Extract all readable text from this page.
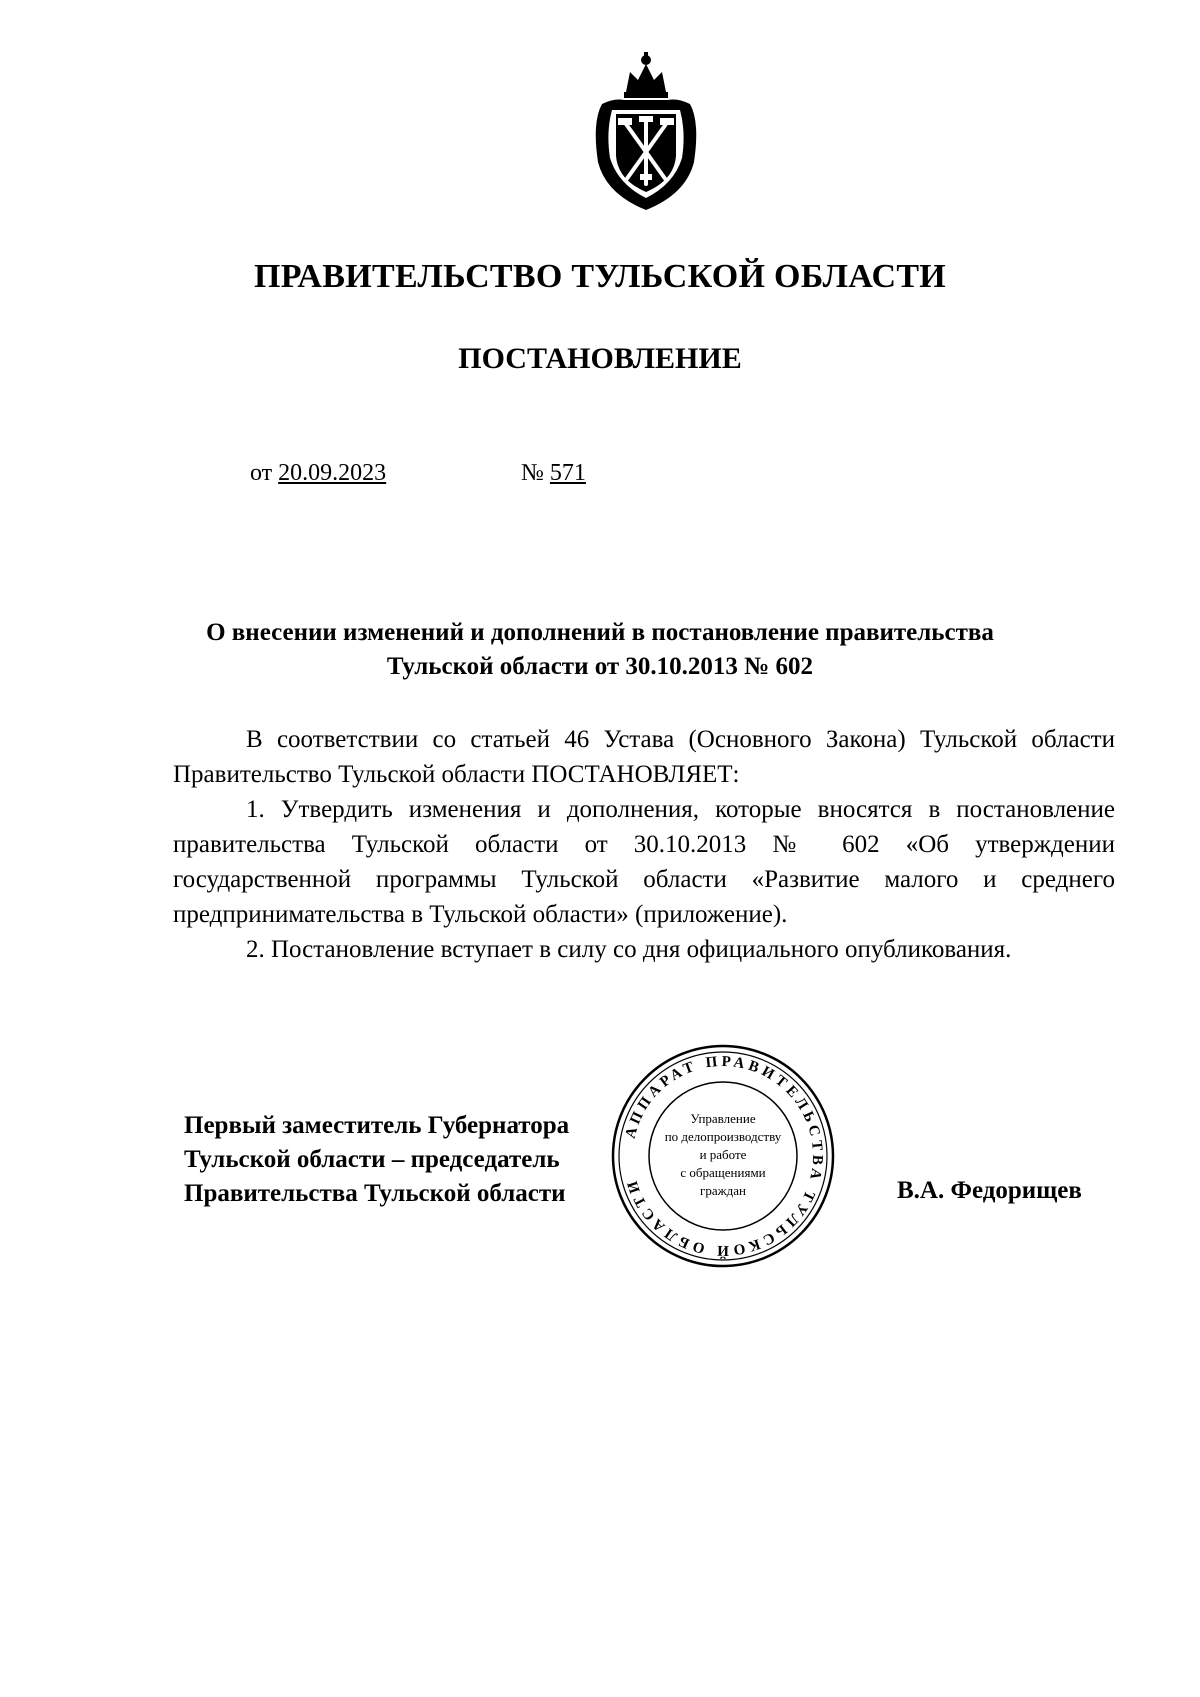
ПРАВИТЕЛЬСТВО ТУЛЬСКОЙ ОБЛАСТИ
ПОСТАНОВЛЕНИЕ
от 20.09.2023	№ 571
О внесении изменений и дополнений в постановление правительства
Тульской области от 30.10.2013 № 602

В соответствии со статьей 46 Устава (Основного Закона) Тульской области Правительство Тульской области ПОСТАНОВЛЯЕТ:

1. Утвердить изменения и дополнения, которые вносятся в постановление правительства Тульской области от 30.10.2013 № 602 «Об утверждении государственной программы Тульской области «Развитие малого и среднего предпринимательства в Тульской области» (приложение).

2. Постановление вступает в силу со дня официального опубликования.

Первый заместитель Губернатора
Тульской области – председатель
Правительства Тульской области
АППАРАТ ПРАВИТЕЛЬСТВА ТУЛЬСКОЙ ОБЛАСТИ
Управление
по делопроизводству
и работе
с обращениями
граждан	В.А. Федорищев
